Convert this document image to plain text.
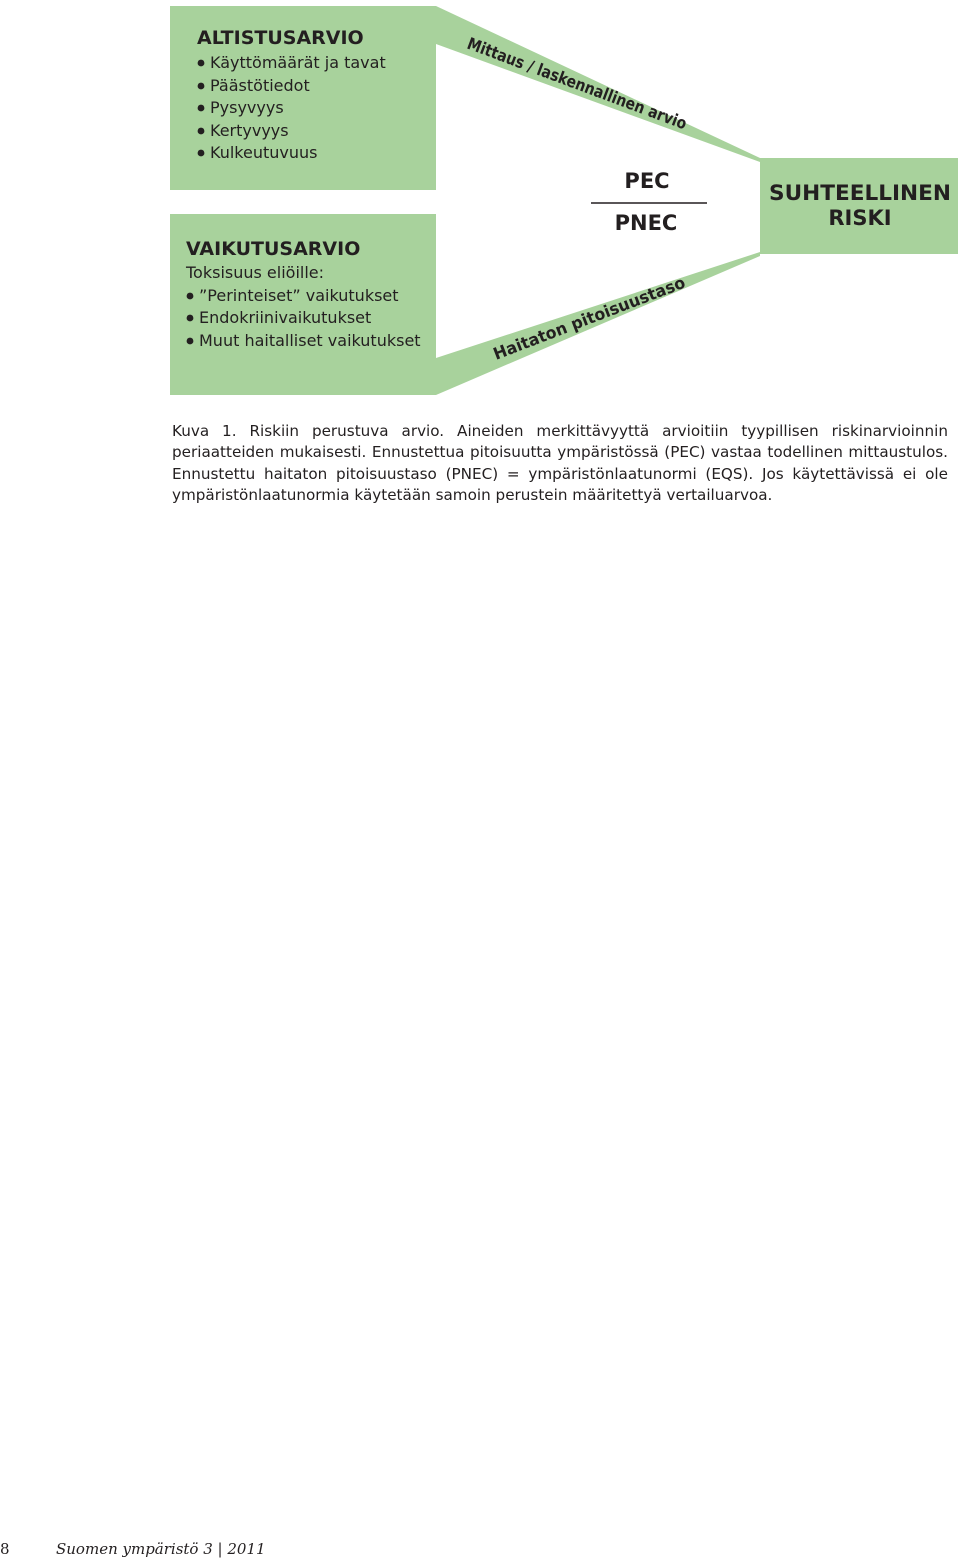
ALTISTUSARVIO
Käyttömäärät ja tavat
Päästötiedot
Pysyvyys
Kertyvyys
Kulkeutuvuus
VAIKUTUSARVIO
Toksisuus eliöille:
”Perinteiset” vaikutukset
Endokriinivaikutukset
Muut haitalliset vaikutukset
Mittaus / laskennallinen arvio
Haitaton pitoisuustaso
PEC
PNEC
SUHTEELLINEN
RISKI

Kuva 1. Riskiin perustuva arvio. Aineiden merkittävyyttä arvioitiin tyypillisen riskinarvioinnin periaatteiden mukaisesti. Ennustettua pitoisuutta ympäristössä (PEC) vastaa todellinen mittaustulos. Ennustettu haitaton pitoisuustaso (PNEC) = ympäristönlaatunormi (EQS). Jos käytettävissä ei ole ympäristönlaatunormia käytetään samoin perustein määritettyä vertailuarvoa.

8	Suomen ympäristö 3 | 2011
